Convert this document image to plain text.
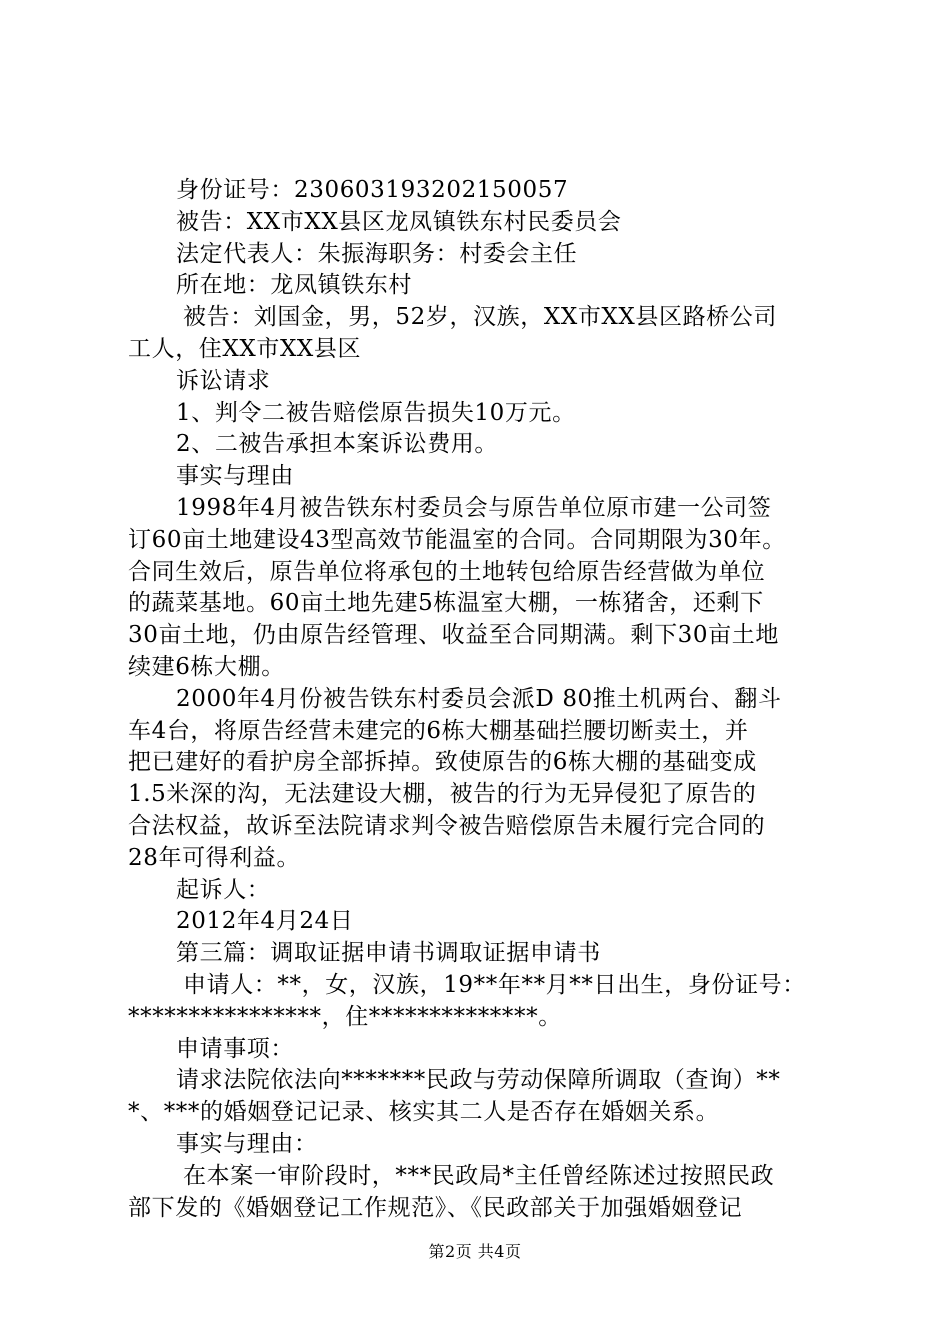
身份证号：230603193202150057
被告：XX市XX县区龙凤镇铁东村民委员会
法定代表人：朱振海职务：村委会主任
所在地：龙凤镇铁东村
被告：刘国金，男，52岁，汉族，XX市XX县区路桥公司
工人，住XX市XX县区
诉讼请求
1、判令二被告赔偿原告损失10万元。
2、二被告承担本案诉讼费用。
事实与理由
1998年4月被告铁东村委员会与原告单位原市建一公司签
订60亩土地建设43型高效节能温室的合同。合同期限为30年。
合同生效后，原告单位将承包的土地转包给原告经营做为单位
的蔬菜基地。60亩土地先建5栋温室大棚，一栋猪舍，还剩下
30亩土地，仍由原告经管理、收益至合同期满。剩下30亩土地
续建6栋大棚。
2000年4月份被告铁东村委员会派D 80推土机两台、翻斗
车4台，将原告经营未建完的6栋大棚基础拦腰切断卖土，并
把已建好的看护房全部拆掉。致使原告的6栋大棚的基础变成
1.5米深的沟，无法建设大棚，被告的行为无异侵犯了原告的
合法权益，故诉至法院请求判令被告赔偿原告未履行完合同的
28年可得利益。
起诉人：
2012年4月24日
第三篇：调取证据申请书调取证据申请书
申请人：**，女，汉族，19**年**月**日出生，身份证号：
****************，住**************。
申请事项：
请求法院依法向*******民政与劳动保障所调取（查询）**
*、***的婚姻登记记录、核实其二人是否存在婚姻关系。
事实与理由：
在本案一审阶段时，***民政局*主任曾经陈述过按照民政
部下发的《婚姻登记工作规范》、《民政部关于加强婚姻登记
第2页 共4页
